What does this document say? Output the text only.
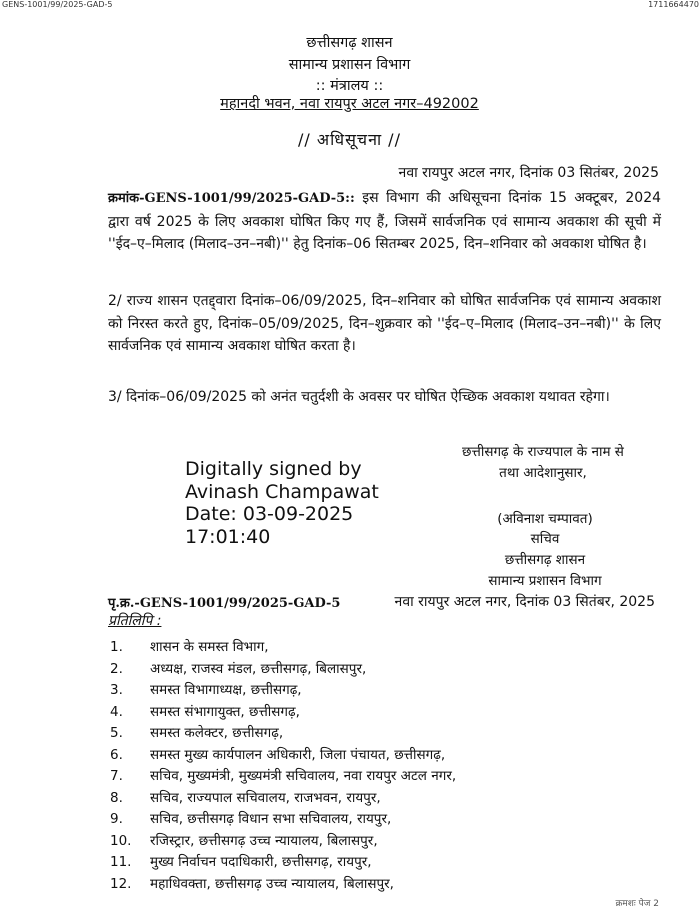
GENS-1001/99/2025-GAD-5	1711664470
छत्तीसगढ़ शासन
सामान्य प्रशासन विभाग
:: मंत्रालय ::
महानदी भवन, नवा रायपुर अटल नगर–492002
// अधिसूचना //
नवा रायपुर अटल नगर, दिनांक 03 सितंबर, 2025
क्रमांक-GENS-1001/99/2025-GAD-5:: इस विभाग की अधिसूचना दिनांक 15 अक्टूबर, 2024 द्वारा वर्ष 2025 के लिए अवकाश घोषित किए गए हैं, जिसमें सार्वजनिक एवं सामान्य अवकाश की सूची में ''ईद–ए–मिलाद (मिलाद–उन–नबी)'' हेतु दिनांक–06 सितम्बर 2025, दिन–शनिवार को अवकाश घोषित है।
2/ राज्य शासन एतद्द्वारा दिनांक–06/09/2025, दिन–शनिवार को घोषित सार्वजनिक एवं सामान्य अवकाश को निरस्त करते हुए, दिनांक–05/09/2025, दिन–शुक्रवार को ''ईद–ए–मिलाद (मिलाद–उन–नबी)'' के लिए सार्वजनिक एवं सामान्य अवकाश घोषित करता है।
3/ दिनांक–06/09/2025 को अनंत चतुर्दशी के अवसर पर घोषित ऐच्छिक अवकाश यथावत रहेगा।
छत्तीसगढ़ के राज्यपाल के नाम से
तथा आदेशानुसार,
Digitally signed by
Avinash Champawat
Date: 03-09-2025
17:01:40
(अविनाश चम्पावत)
सचिव
छत्तीसगढ़ शासन
सामान्य प्रशासन विभाग
पृ.क्र.-GENS-1001/99/2025-GAD-5	नवा रायपुर अटल नगर, दिनांक 03 सितंबर, 2025
प्रतिलिपि :
1. शासन के समस्त विभाग,
2. अध्यक्ष, राजस्व मंडल, छत्तीसगढ़, बिलासपुर,
3. समस्त विभागाध्यक्ष, छत्तीसगढ़,
4. समस्त संभागायुक्त, छत्तीसगढ़,
5. समस्त कलेक्टर, छत्तीसगढ़,
6. समस्त मुख्य कार्यपालन अधिकारी, जिला पंचायत, छत्तीसगढ़,
7. सचिव, मुख्यमंत्री, मुख्यमंत्री सचिवालय, नवा रायपुर अटल नगर,
8. सचिव, राज्यपाल सचिवालय, राजभवन, रायपुर,
9. सचिव, छत्तीसगढ़ विधान सभा सचिवालय, रायपुर,
10. रजिस्ट्रार, छत्तीसगढ़ उच्च न्यायालय, बिलासपुर,
11. मुख्य निर्वाचन पदाधिकारी, छत्तीसगढ़, रायपुर,
12. महाधिवक्ता, छत्तीसगढ़ उच्च न्यायालय, बिलासपुर,
क्रमशः पेज 2
